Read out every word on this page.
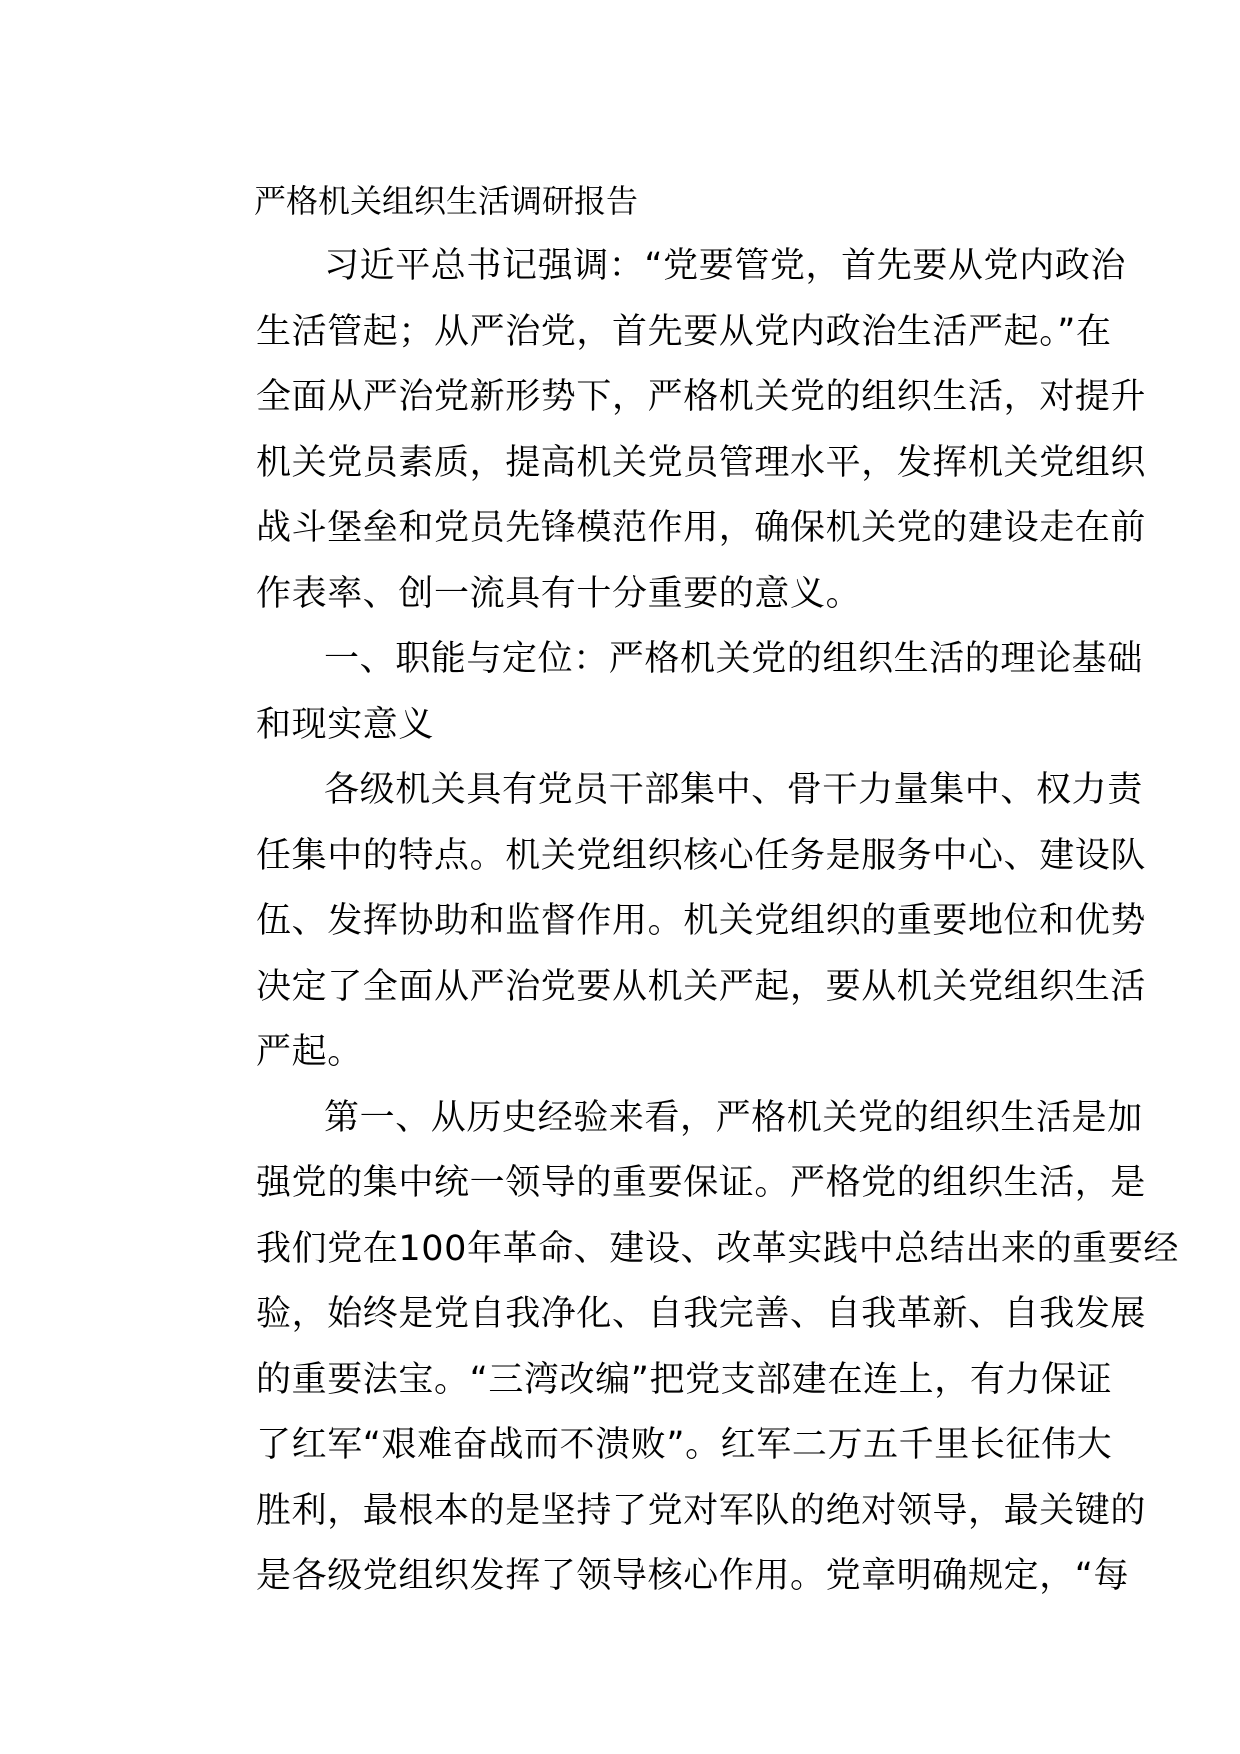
严格机关组织生活调研报告
习近平总书记强调：“党要管党，首先要从党内政治
生活管起；从严治党，首先要从党内政治生活严起。”在
全面从严治党新形势下，严格机关党的组织生活，对提升
机关党员素质，提高机关党员管理水平，发挥机关党组织
战斗堡垒和党员先锋模范作用，确保机关党的建设走在前
作表率、创一流具有十分重要的意义。
一、职能与定位：严格机关党的组织生活的理论基础
和现实意义
各级机关具有党员干部集中、骨干力量集中、权力责
任集中的特点。机关党组织核心任务是服务中心、建设队
伍、发挥协助和监督作用。机关党组织的重要地位和优势
决定了全面从严治党要从机关严起，要从机关党组织生活
严起。
第一、从历史经验来看，严格机关党的组织生活是加
强党的集中统一领导的重要保证。严格党的组织生活，是
我们党在100年革命、建设、改革实践中总结出来的重要经
验，始终是党自我净化、自我完善、自我革新、自我发展
的重要法宝。“三湾改编”把党支部建在连上，有力保证
了红军“艰难奋战而不溃败”。红军二万五千里长征伟大
胜利，最根本的是坚持了党对军队的绝对领导，最关键的
是各级党组织发挥了领导核心作用。党章明确规定，“每
